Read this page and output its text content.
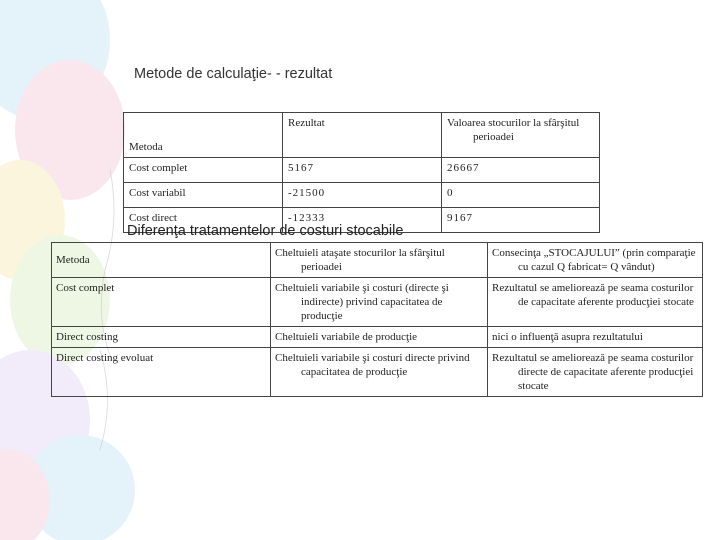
Metode de calculaţie- - rezultat
Metoda	Rezultat	Valoarea stocurilor la sfârşitul perioadei

Cost complet	5167	26667
Cost variabil	-21500	0
Cost direct	-12333	9167
Diferenţa tratamentelor de costuri stocabile
Metoda	Cheltuieli ataşate stocurilor la sfârşitul perioadei	Consecinţa „STOCAJULUI” (prin comparaţie cu cazul Q fabricat= Q vândut)

Cost complet	Cheltuieli variabile şi costuri (directe şi indirecte) privind capacitatea de producţie	Rezultatul se ameliorează pe seama costurilor de capacitate aferente producţiei stocate

Direct costing	Cheltuieli variabile de producţie	nici o influenţă asupra rezultatului

Direct costing evoluat	Cheltuieli variabile şi costuri directe privind capacitatea de producţie	Rezultatul se ameliorează pe seama costurilor directe de capacitate aferente producţiei stocate
